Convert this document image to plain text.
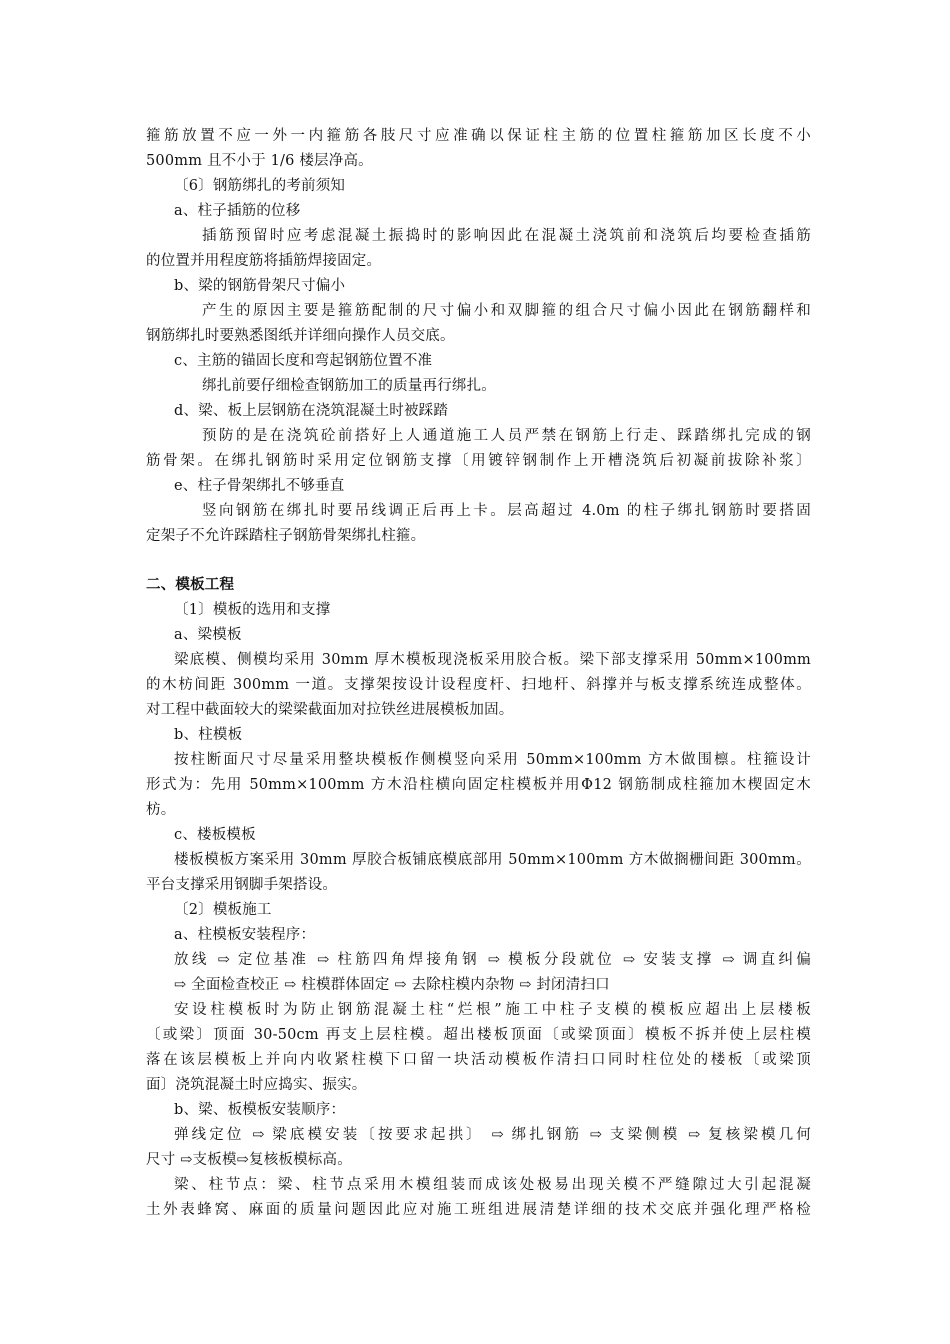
箍筋放置不应一外一内箍筋各肢尺寸应准确以保证柱主筋的位置柱箍筋加区长度不小
500mm 且不小于 1/6 楼层净高。
〔6〕钢筋绑扎的考前须知
a、柱子插筋的位移
插筋预留时应考虑混凝土振捣时的影响因此在混凝土浇筑前和浇筑后均要检查插筋
的位置并用程度筋将插筋焊接固定。
b、梁的钢筋骨架尺寸偏小
产生的原因主要是箍筋配制的尺寸偏小和双脚箍的组合尺寸偏小因此在钢筋翻样和
钢筋绑扎时要熟悉图纸并详细向操作人员交底。
c、主筋的锚固长度和弯起钢筋位置不准
绑扎前要仔细检查钢筋加工的质量再行绑扎。
d、梁、板上层钢筋在浇筑混凝土时被踩踏
预防的是在浇筑砼前搭好上人通道施工人员严禁在钢筋上行走、踩踏绑扎完成的钢
筋骨架。在绑扎钢筋时采用定位钢筋支撑〔用镀锌钢制作上开槽浇筑后初凝前拔除补浆〕
e、柱子骨架绑扎不够垂直
竖向钢筋在绑扎时要吊线调正后再上卡。层高超过 4.0m 的柱子绑扎钢筋时要搭固
定架子不允许踩踏柱子钢筋骨架绑扎柱箍。
二、模板工程
〔1〕模板的选用和支撑
a、梁模板
梁底模、侧模均采用 30mm 厚木模板现浇板采用胶合板。梁下部支撑采用 50mm×100mm
的木枋间距 300mm 一道。支撑架按设计设程度杆、扫地杆、斜撑并与板支撑系统连成整体。
对工程中截面较大的梁梁截面加对拉铁丝进展模板加固。
b、柱模板
按柱断面尺寸尽量采用整块模板作侧模竖向采用 50mm×100mm 方木做围檩。柱箍设计
形式为：先用 50mm×100mm 方木沿柱横向固定柱模板并用Φ12 钢筋制成柱箍加木楔固定木
枋。
c、楼板模板
楼板模板方案采用 30mm 厚胶合板铺底模底部用 50mm×100mm 方木做搁栅间距 300mm。
平台支撑采用钢脚手架搭设。
〔2〕模板施工
a、柱模板安装程序：
放线 ⇨ 定位基准 ⇨ 柱筋四角焊接角钢 ⇨ 模板分段就位 ⇨ 安装支撑 ⇨ 调直纠偏
⇨ 全面检查校正 ⇨ 柱模群体固定 ⇨ 去除柱模内杂物 ⇨ 封闭清扫口
安设柱模板时为防止钢筋混凝土柱“烂根”施工中柱子支模的模板应超出上层楼板
〔或梁〕顶面 30-50cm 再支上层柱模。超出楼板顶面〔或梁顶面〕模板不拆并使上层柱模
落在该层模板上并向内收紧柱模下口留一块活动模板作清扫口同时柱位处的楼板〔或梁顶
面〕浇筑混凝土时应捣实、振实。
b、梁、板模板安装顺序：
弹线定位 ⇨ 梁底模安装〔按要求起拱〕 ⇨ 绑扎钢筋 ⇨ 支梁侧模 ⇨ 复核梁模几何
尺寸 ⇨支板模⇨复核板模标高。
梁、柱节点：梁、柱节点采用木模组装而成该处极易出现关模不严缝隙过大引起混凝
土外表蜂窝、麻面的质量问题因此应对施工班组进展清楚详细的技术交底并强化理严格检
